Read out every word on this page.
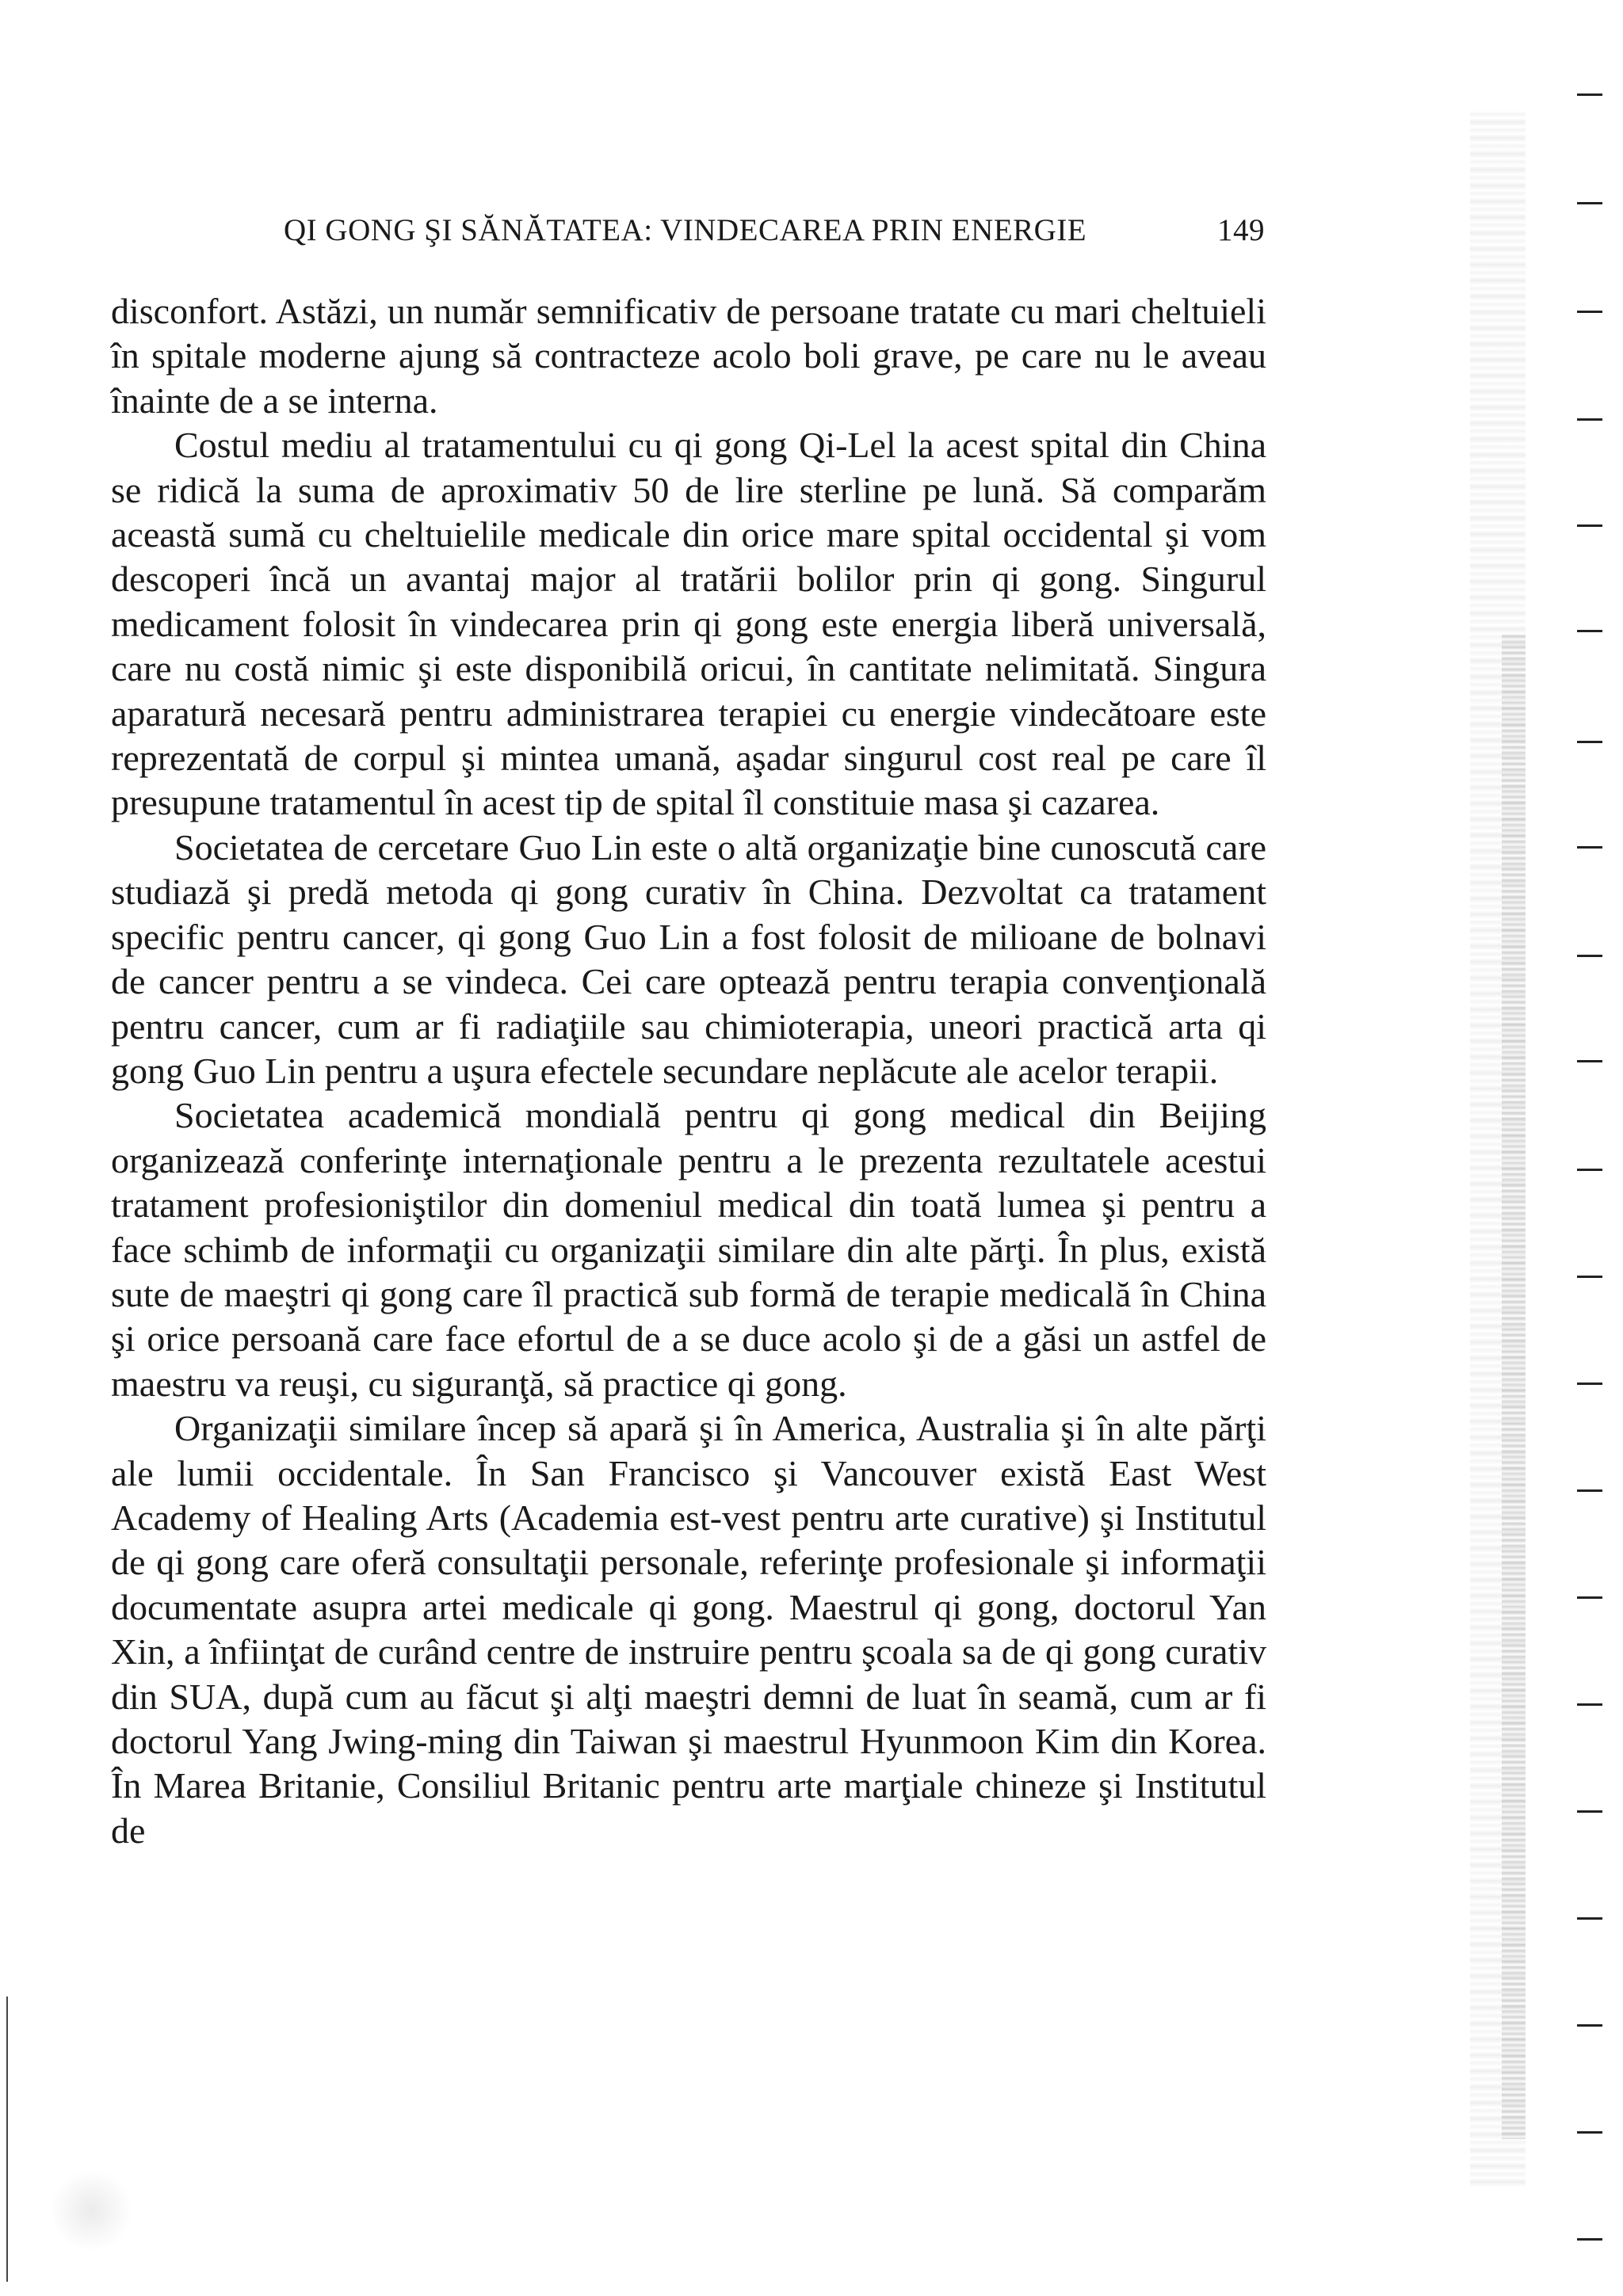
QI GONG ŞI SĂNĂTATEA: VINDECAREA PRIN ENERGIE	149

disconfort. Astăzi, un număr semnificativ de persoane tratate cu mari cheltuieli în spitale moderne ajung să contracteze acolo boli grave, pe care nu le aveau înainte de a se interna.

Costul mediu al tratamentului cu qi gong Qi-Lel la acest spital din China se ridică la suma de aproximativ 50 de lire sterline pe lună. Să comparăm această sumă cu cheltuielile medicale din orice mare spital occidental şi vom descoperi încă un avantaj major al tratării bolilor prin qi gong. Singurul medicament folosit în vindecarea prin qi gong este energia liberă universală, care nu costă nimic şi este disponibilă oricui, în cantitate nelimitată. Singura aparatură necesară pentru administrarea terapiei cu energie vindecătoare este reprezentată de corpul şi mintea umană, aşadar singurul cost real pe care îl presupune tratamentul în acest tip de spital îl constituie masa şi cazarea.

Societatea de cercetare Guo Lin este o altă organizaţie bine cunoscută care studiază şi predă metoda qi gong curativ în China. Dezvoltat ca tratament specific pentru cancer, qi gong Guo Lin a fost folosit de milioane de bolnavi de cancer pentru a se vindeca. Cei care optează pentru terapia convenţională pentru cancer, cum ar fi radiaţiile sau chimioterapia, uneori practică arta qi gong Guo Lin pentru a uşura efectele secundare neplăcute ale acelor terapii.

Societatea academică mondială pentru qi gong medical din Beijing organizează conferinţe internaţionale pentru a le prezenta rezultatele acestui tratament profesioniştilor din domeniul medical din toată lumea şi pentru a face schimb de informaţii cu organizaţii similare din alte părţi. În plus, există sute de maeştri qi gong care îl practică sub formă de terapie medicală în China şi orice persoană care face efortul de a se duce acolo şi de a găsi un astfel de maestru va reuşi, cu siguranţă, să practice qi gong.

Organizaţii similare încep să apară şi în America, Australia şi în alte părţi ale lumii occidentale. În San Francisco şi Vancouver există East West Academy of Healing Arts (Academia est-vest pentru arte curative) şi Institutul de qi gong care oferă consultaţii personale, referinţe profesionale şi informaţii documentate asupra artei medicale qi gong. Maestrul qi gong, doctorul Yan Xin, a înfiinţat de curând centre de instruire pentru şcoala sa de qi gong curativ din SUA, după cum au făcut şi alţi maeştri demni de luat în seamă, cum ar fi doctorul Yang Jwing-ming din Taiwan şi maestrul Hyunmoon Kim din Korea. În Marea Britanie, Consiliul Britanic pentru arte marţiale chineze şi Institutul de
